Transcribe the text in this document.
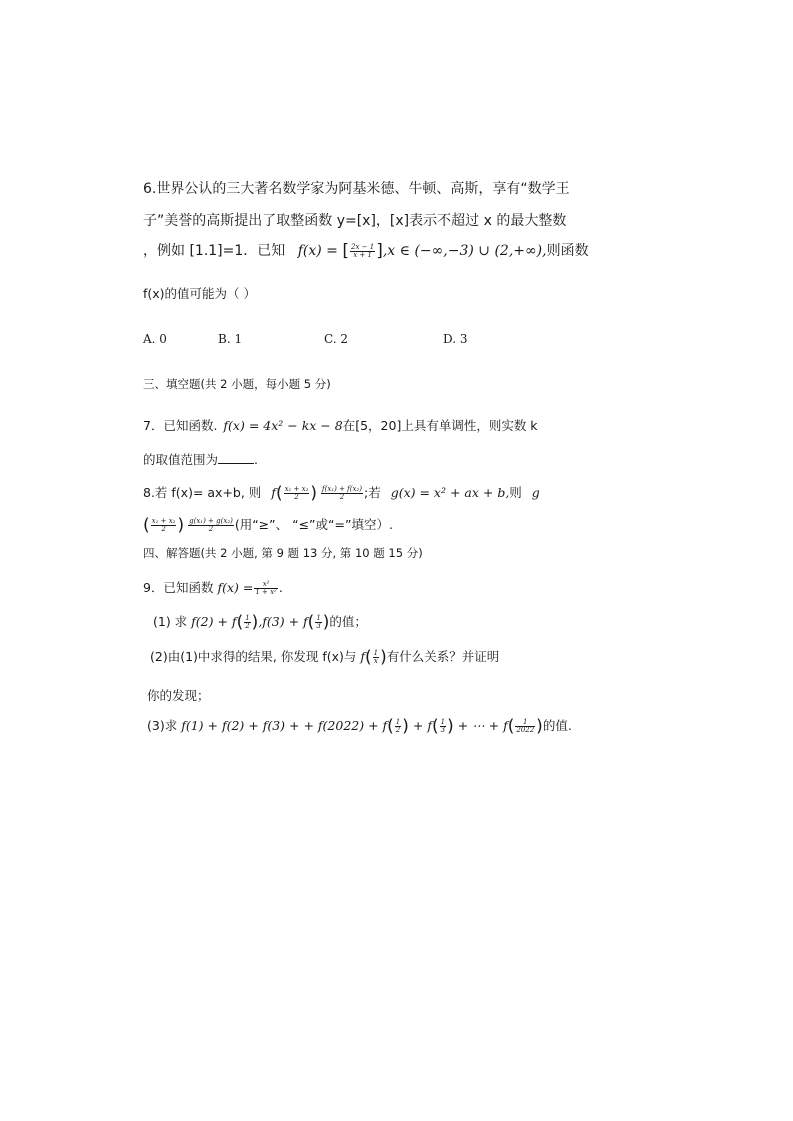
6.世界公认的三大著名数学家为阿基米德、牛顿、高斯，享有“数学王
子”美誉的高斯提出了取整函数 y=[x]，[x]表示不超过 x 的最大整数
，例如 [1.1]=1．已知 f(x) = [ $\frac{2x - 1}{x + 1} ],x$ ∈ (−∞,−3) ∪ (2,+∞),则函数
f(x)的值可能为（ ）
A. 0	B. 1	C. 2	D. 3
三、填空题(共 2 小题，每小题 5 分)
7．已知函数. f(x) = 4x² − kx − 8在[5，20]上具有单调性，则实数 k
的取值范围为	.
8.若 f(x)= ax+b, 则 $f( \frac{\text{x₁ + x₂}}{2}$ ) $\frac{\text{f(x₁) + f(x₂)}}{2}$ ;若 g(x) = x² + ax + b,则 g
( $\frac{\text{x₁ + x₂}}{2}$ ) $\frac{\text{g(x₁) + g(x₂)}}{2}$ (用“≥”、 “≤”或“=”填空）.
四、解答题(共 2 小题, 第 9 题 13 分, 第 10 题 15 分)
9．已知函数 $f(x) = \frac{\text{x²}}{\text{1 + x²}}$ .
(1) 求 $f(2) + f( \frac{1}{2} ),f(3) + f( \frac{1}{3}$ )的值；
(2)由(1)中求得的结果, 你发现 f(x)与 $f( \frac{1}{x}$ )有什么关系？并证明
你的发现；
(3)求 f(1) + f(2) + f(3) + + $f(2022) + f( \frac{1}{2}$ ) + $f( \frac{1}{3}$ ) + ⋯ + $f( \frac{1}{2022}$ )的值.
